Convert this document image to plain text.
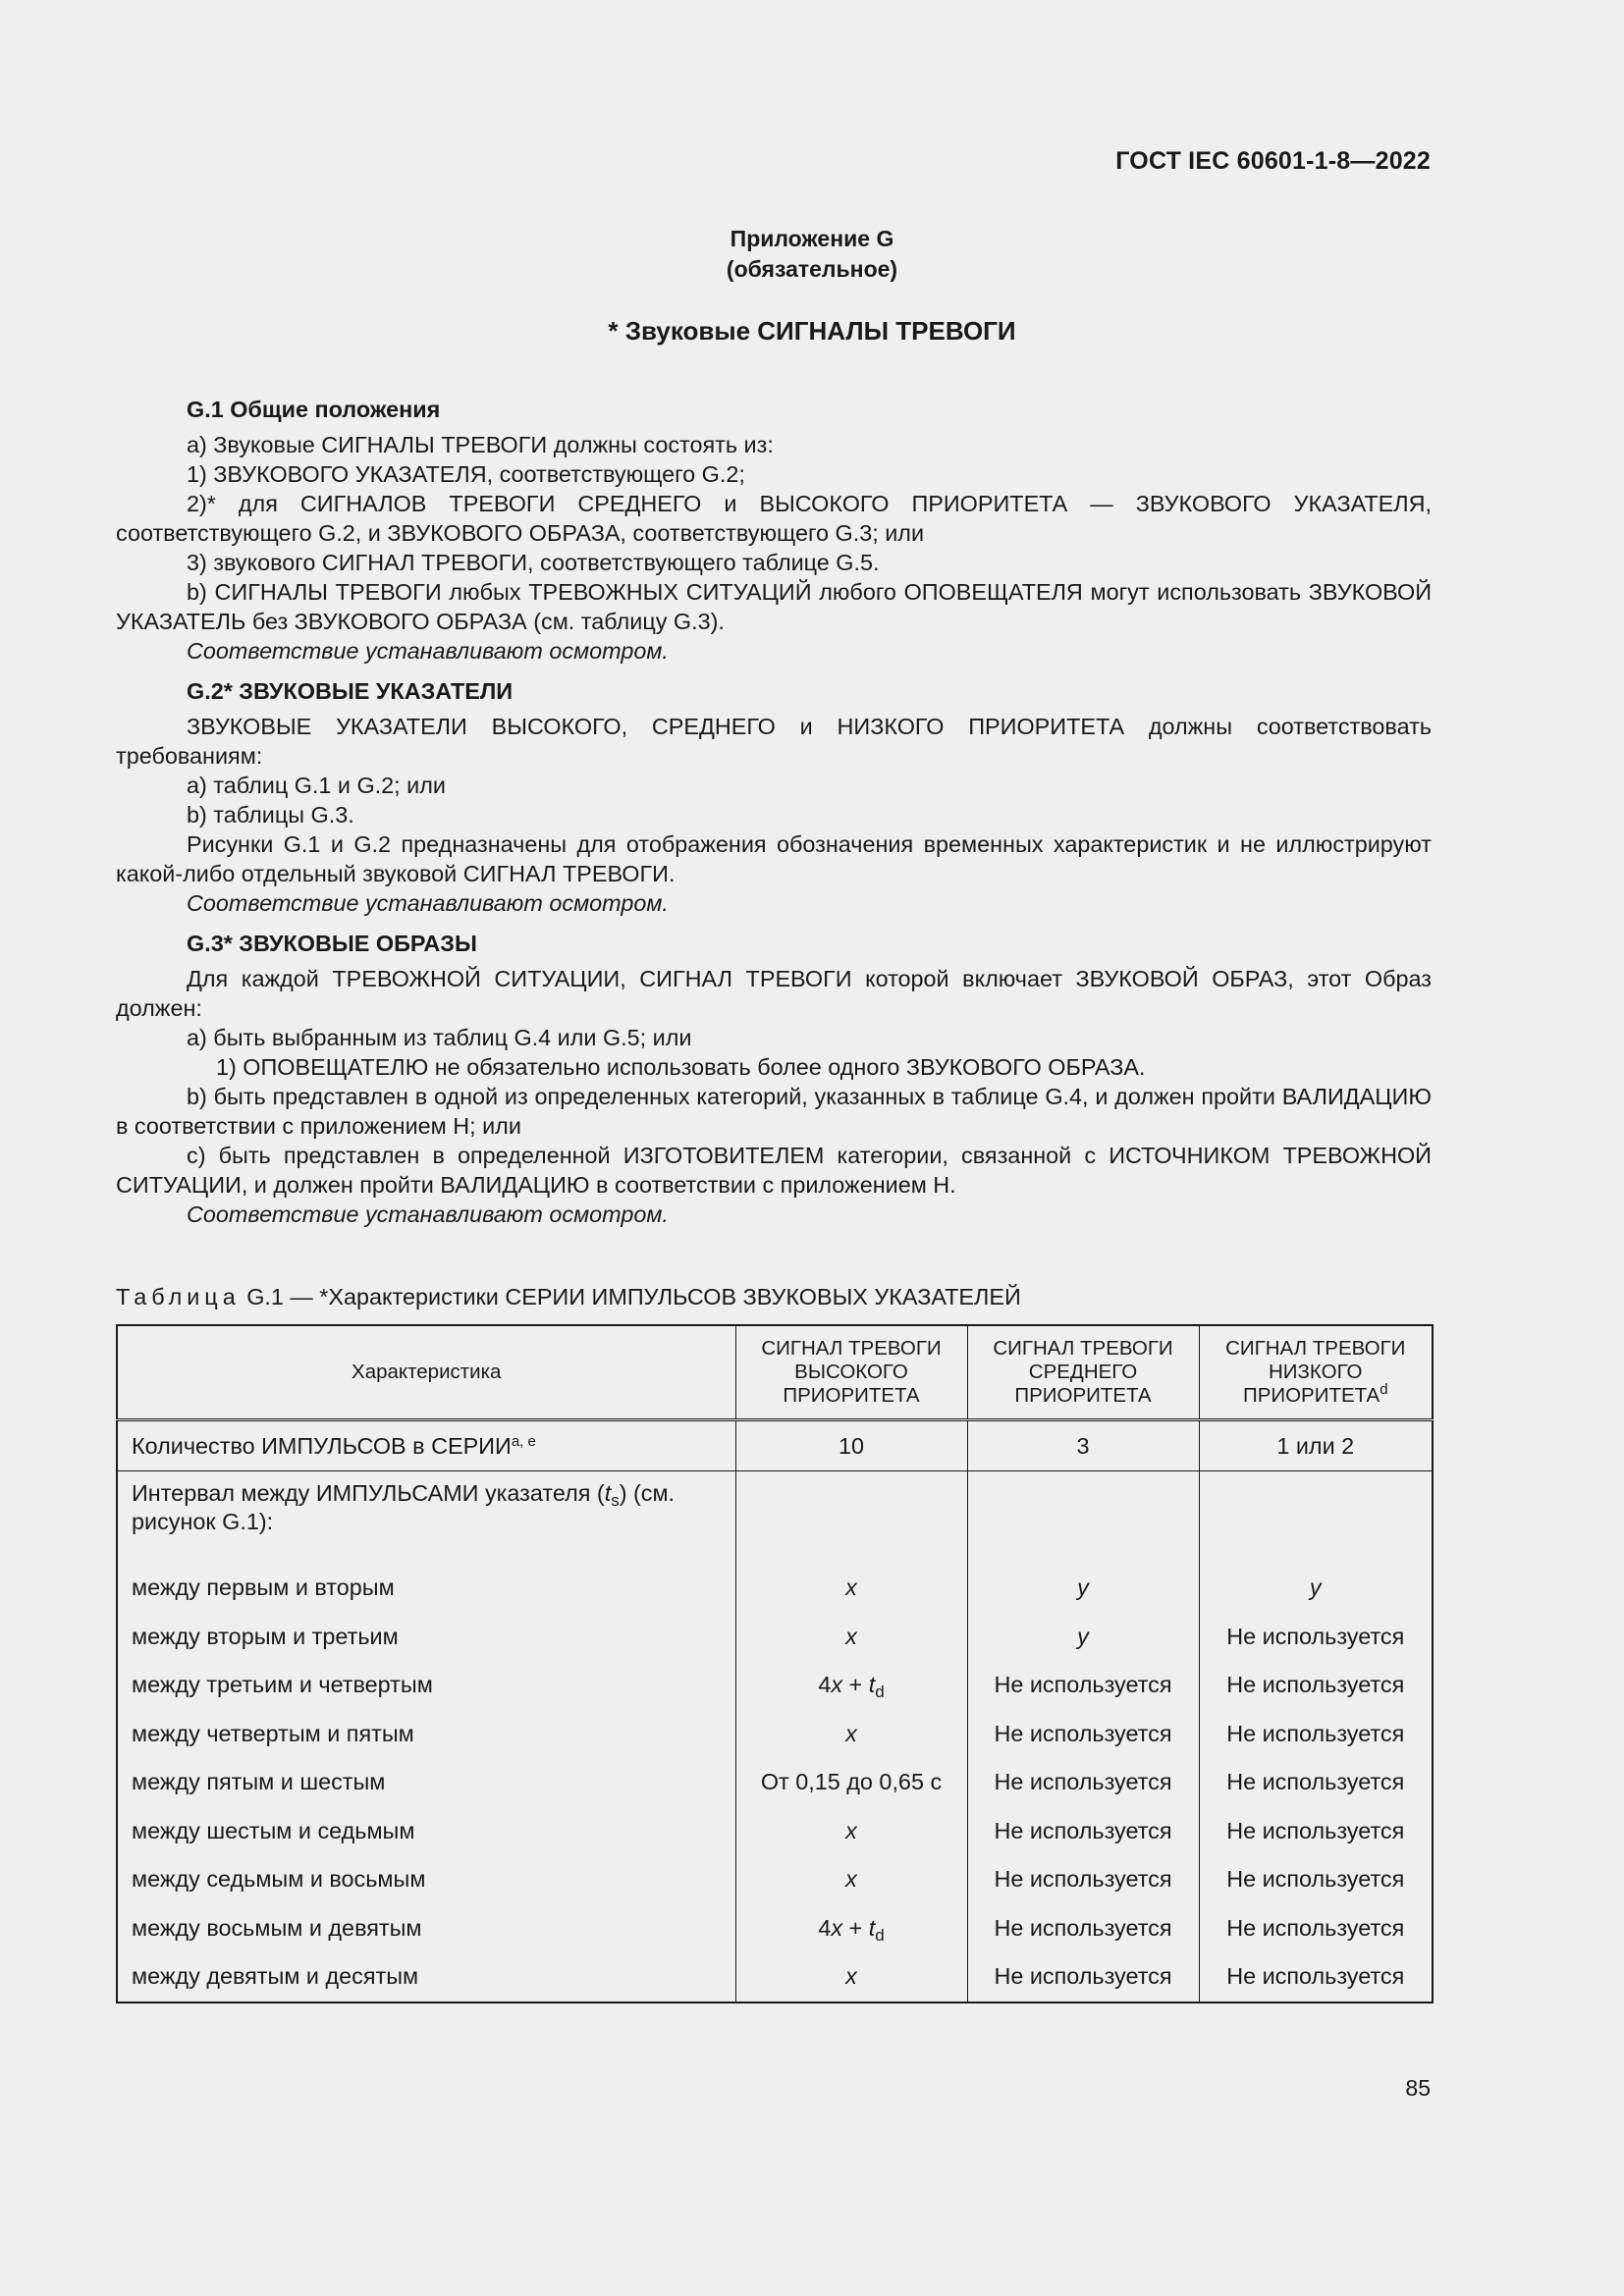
ГОСТ IEC 60601-1-8—2022
Приложение G
(обязательное)
* Звуковые СИГНАЛЫ ТРЕВОГИ

G.1 Общие положения

a) Звуковые СИГНАЛЫ ТРЕВОГИ должны состоять из:

1) ЗВУКОВОГО УКАЗАТЕЛЯ, соответствующего G.2;

2)* для СИГНАЛОВ ТРЕВОГИ СРЕДНЕГО и ВЫСОКОГО ПРИОРИТЕТА — ЗВУКОВОГО УКАЗАТЕЛЯ, соответствующего G.2, и ЗВУКОВОГО ОБРАЗА, соответствующего G.3; или

3) звукового СИГНАЛ ТРЕВОГИ, соответствующего таблице G.5.

b) СИГНАЛЫ ТРЕВОГИ любых ТРЕВОЖНЫХ СИТУАЦИЙ любого ОПОВЕЩАТЕЛЯ могут использовать ЗВУКОВОЙ УКАЗАТЕЛЬ без ЗВУКОВОГО ОБРАЗА (см. таблицу G.3).

Соответствие устанавливают осмотром.

G.2* ЗВУКОВЫЕ УКАЗАТЕЛИ

ЗВУКОВЫЕ УКАЗАТЕЛИ ВЫСОКОГО, СРЕДНЕГО и НИЗКОГО ПРИОРИТЕТА должны соответствовать требованиям:

a) таблиц G.1 и G.2; или

b) таблицы G.3.

Рисунки G.1 и G.2 предназначены для отображения обозначения временных характеристик и не иллюстрируют какой-либо отдельный звуковой СИГНАЛ ТРЕВОГИ.

Соответствие устанавливают осмотром.

G.3* ЗВУКОВЫЕ ОБРАЗЫ

Для каждой ТРЕВОЖНОЙ СИТУАЦИИ, СИГНАЛ ТРЕВОГИ которой включает ЗВУКОВОЙ ОБРАЗ, этот Образ должен:

a) быть выбранным из таблиц G.4 или G.5; или

1) ОПОВЕЩАТЕЛЮ не обязательно использовать более одного ЗВУКОВОГО ОБРАЗА.

b) быть представлен в одной из определенных категорий, указанных в таблице G.4, и должен пройти ВАЛИДАЦИЮ в соответствии с приложением H; или

c) быть представлен в определенной ИЗГОТОВИТЕЛЕМ категории, связанной с ИСТОЧНИКОМ ТРЕВОЖНОЙ СИТУАЦИИ, и должен пройти ВАЛИДАЦИЮ в соответствии с приложением H.

Соответствие устанавливают осмотром.

Таблица G.1 — *Характеристики СЕРИИ ИМПУЛЬСОВ ЗВУКОВЫХ УКАЗАТЕЛЕЙ
Характеристика	СИГНАЛ ТРЕВОГИ ВЫСОКОГО ПРИОРИТЕТА	СИГНАЛ ТРЕВОГИ СРЕДНЕГО ПРИОРИТЕТА	СИГНАЛ ТРЕВОГИ НИЗКОГО ПРИОРИТЕТА$^d$
Количество ИМПУЛЬСОВ в СЕРИИ$^{a, e}$	10	3	1 или 2
Интервал между ИМПУЛЬСАМИ указателя $(t_s)$ (см. рисунок G.1):			
между первым и вторым	x	y	y
между вторым и третьим	x	y	Не используется
между третьим и четвертым	$4x + t_d$	Не используется	Не используется
между четвертым и пятым	x	Не используется	Не используется
между пятым и шестым	От 0,15 до 0,65 с	Не используется	Не используется
между шестым и седьмым	x	Не используется	Не используется
между седьмым и восьмым	x	Не используется	Не используется
между восьмым и девятым	$4x + t_d$	Не используется	Не используется
между девятым и десятым	x	Не используется	Не используется
85
